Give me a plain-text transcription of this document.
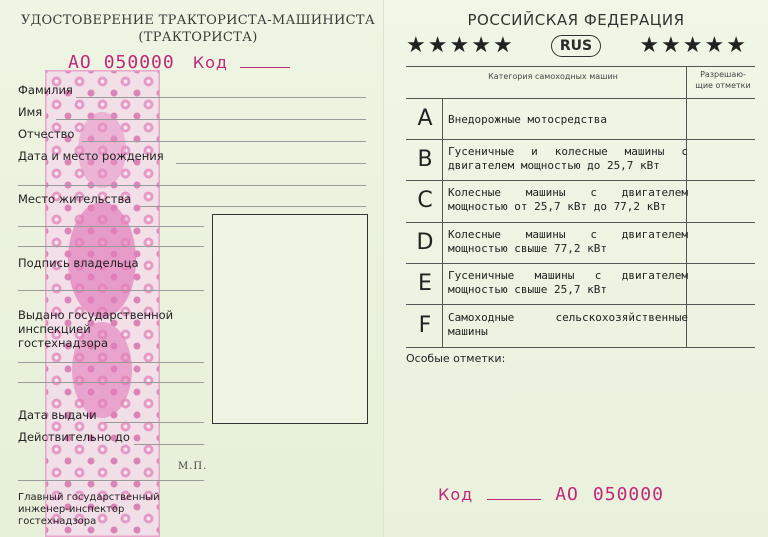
УДОСТОВЕРЕНИЕ ТРАКТОРИСТА-МАШИНИСТА
(ТРАКТОРИСТА)
АО 050000 Код
Фамилия
Имя
Отчество
Дата и место рождения
Место жительства
Подпись владельца
Выдано государственной
инспекцией
гостехнадзора
Дата выдачи
Действительно до
М.П.
Главный государственный
инженер-инспектор
гостехнадзора
РОССИЙСКАЯ ФЕДЕРАЦИЯ
★ ★ ★ ★ ★	RUS	★ ★ ★ ★ ★
Категория самоходных машин	Разрешаю-
щие отметки
A	Внедорожные мотосредства
B	Гусеничные и колесные машины с двигателем мощностью до 25,7 кВт
C	Колесные машины с двигателем мощностью от 25,7 кВт до 77,2 кВт
D	Колесные машины с двигателем мощностью свыше 77,2 кВт
E	Гусеничные машины с двигателем мощностью свыше 25,7 кВт
F	Самоходные сельскохозяйственные машины
Особые отметки:
Код	АО 050000
